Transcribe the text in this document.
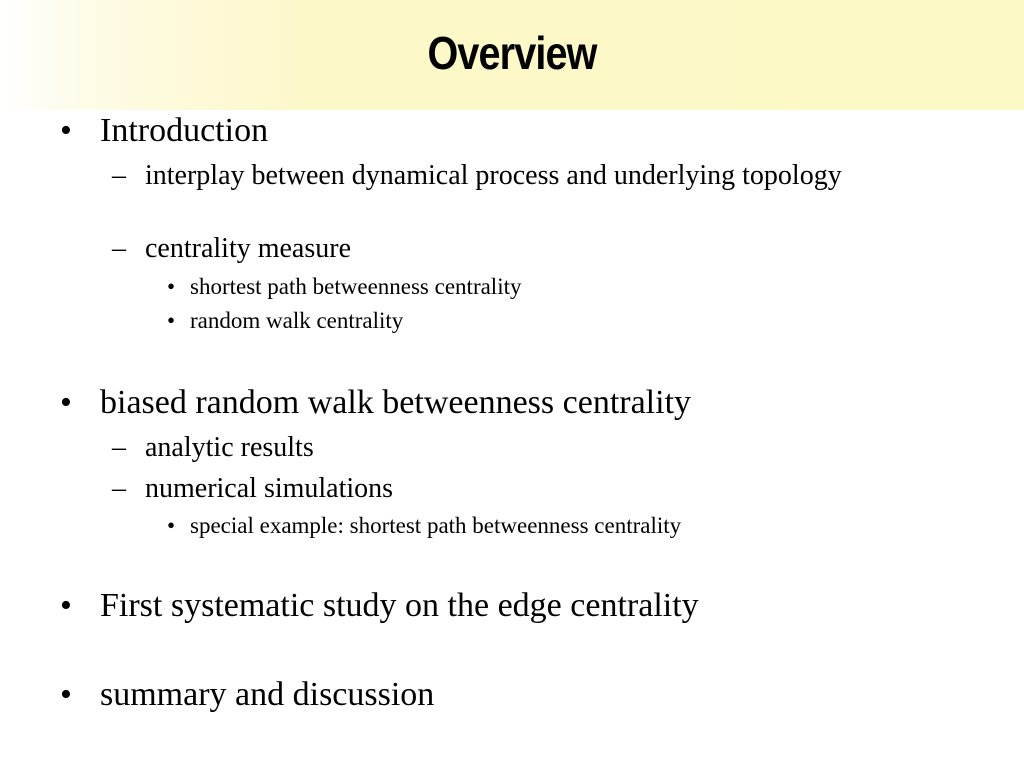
Overview
• Introduction
– interplay between dynamical process and underlying topology
– centrality measure
• shortest path betweenness centrality
• random walk centrality
• biased random walk betweenness centrality
– analytic results
– numerical simulations
• special example: shortest path betweenness centrality
• First systematic study on the edge centrality
• summary and discussion
